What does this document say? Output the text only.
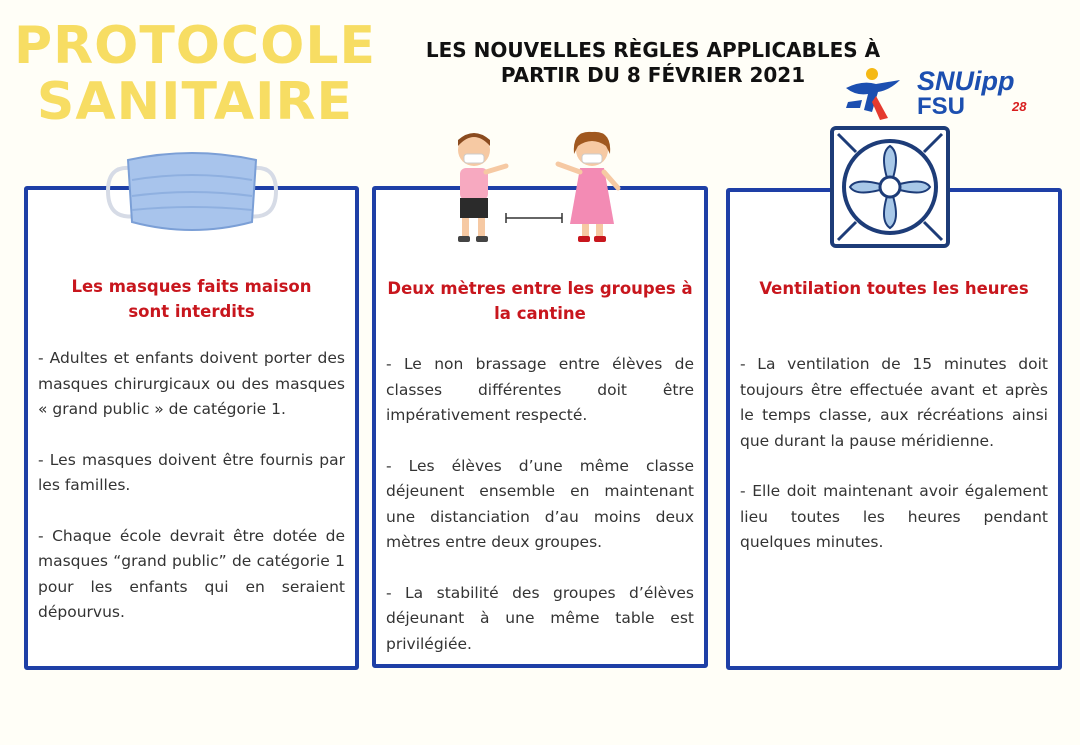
PROTOCOLE
SANITAIRE
LES NOUVELLES RÈGLES APPLICABLES À
PARTIR DU 8 FÉVRIER 2021	SNUipp
FSU	28
Les masques faits maison
sont interdits

- Adultes et enfants doivent porter des masques chirurgicaux ou des masques « grand public » de catégorie 1.

- Les masques doivent être fournis par les familles.

- Chaque école devrait être dotée de masques “grand public” de catégorie 1 pour les enfants qui en seraient dépourvus.

Deux mètres entre les groupes à
la cantine

- Le non brassage entre élèves de classes différentes doit être impérativement respecté.

- Les élèves d’une même classe déjeunent ensemble en maintenant une distanciation d’au moins deux mètres entre deux groupes.

- La stabilité des groupes d’élèves déjeunant à une même table est privilégiée.

Ventilation toutes les heures

- La ventilation de 15 minutes doit toujours être effectuée avant et après le temps classe, aux récréations ainsi que durant la pause méridienne.

- Elle doit maintenant avoir également lieu toutes les heures pendant quelques minutes.
